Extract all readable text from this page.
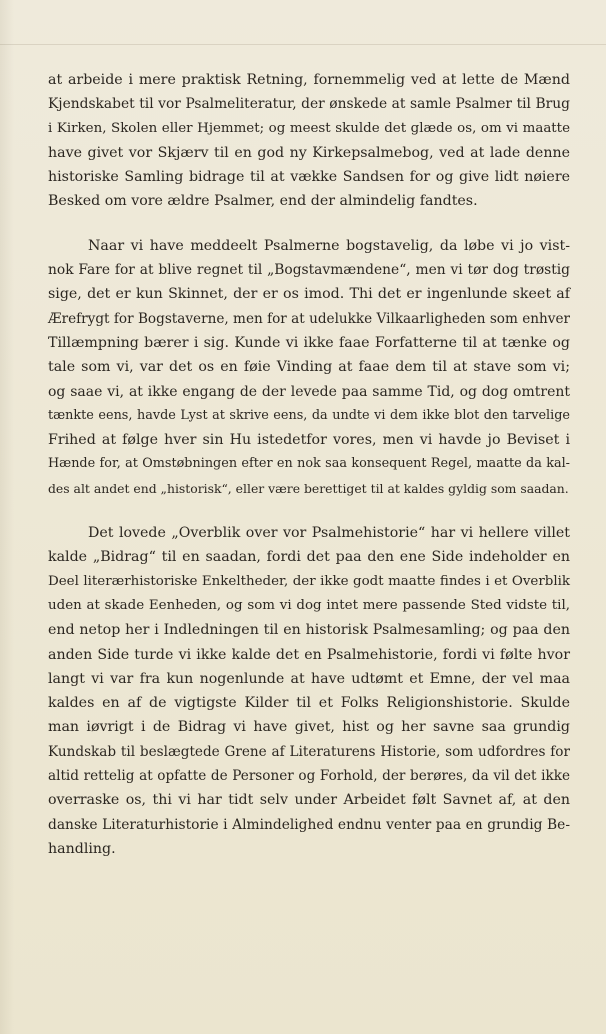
at arbeide i mere praktisk Retning, fornemmelig ved at lette de Mænd
Kjendskabet til vor Psalmeliteratur, der ønskede at samle Psalmer til Brug
i Kirken, Skolen eller Hjemmet; og meest skulde det glæde os, om vi maatte
have givet vor Skjærv til en god ny Kirkepsalmebog, ved at lade denne
historiske Samling bidrage til at vække Sandsen for og give lidt nøiere
Besked om vore ældre Psalmer, end der almindelig fandtes.
Naar vi have meddeelt Psalmerne bogstavelig, da løbe vi jo vist-
nok Fare for at blive regnet til „Bogstavmændene“, men vi tør dog trøstig
sige, det er kun Skinnet, der er os imod. Thi det er ingenlunde skeet af
Ærefrygt for Bogstaverne, men for at udelukke Vilkaarligheden som enhver
Tillæmpning bærer i sig. Kunde vi ikke faae Forfatterne til at tænke og
tale som vi, var det os en føie Vinding at faae dem til at stave som vi;
og saae vi, at ikke engang de der levede paa samme Tid, og dog omtrent
tænkte eens, havde Lyst at skrive eens, da undte vi dem ikke blot den tarvelige
Frihed at følge hver sin Hu istedetfor vores, men vi havde jo Beviset i
Hænde for, at Omstøbningen efter en nok saa konsequent Regel, maatte da kal-
des alt andet end „historisk“, eller være berettiget til at kaldes gyldig som saadan.
Det lovede „Overblik over vor Psalmehistorie“ har vi hellere villet
kalde „Bidrag“ til en saadan, fordi det paa den ene Side indeholder en
Deel literærhistoriske Enkeltheder, der ikke godt maatte findes i et Overblik
uden at skade Eenheden, og som vi dog intet mere passende Sted vidste til,
end netop her i Indledningen til en historisk Psalmesamling; og paa den
anden Side turde vi ikke kalde det en Psalmehistorie, fordi vi følte hvor
langt vi var fra kun nogenlunde at have udtømt et Emne, der vel maa
kaldes en af de vigtigste Kilder til et Folks Religionshistorie. Skulde
man iøvrigt i de Bidrag vi have givet, hist og her savne saa grundig
Kundskab til beslægtede Grene af Literaturens Historie, som udfordres for
altid rettelig at opfatte de Personer og Forhold, der berøres, da vil det ikke
overraske os, thi vi har tidt selv under Arbeidet følt Savnet af, at den
danske Literaturhistorie i Almindelighed endnu venter paa en grundig Be-
handling.
